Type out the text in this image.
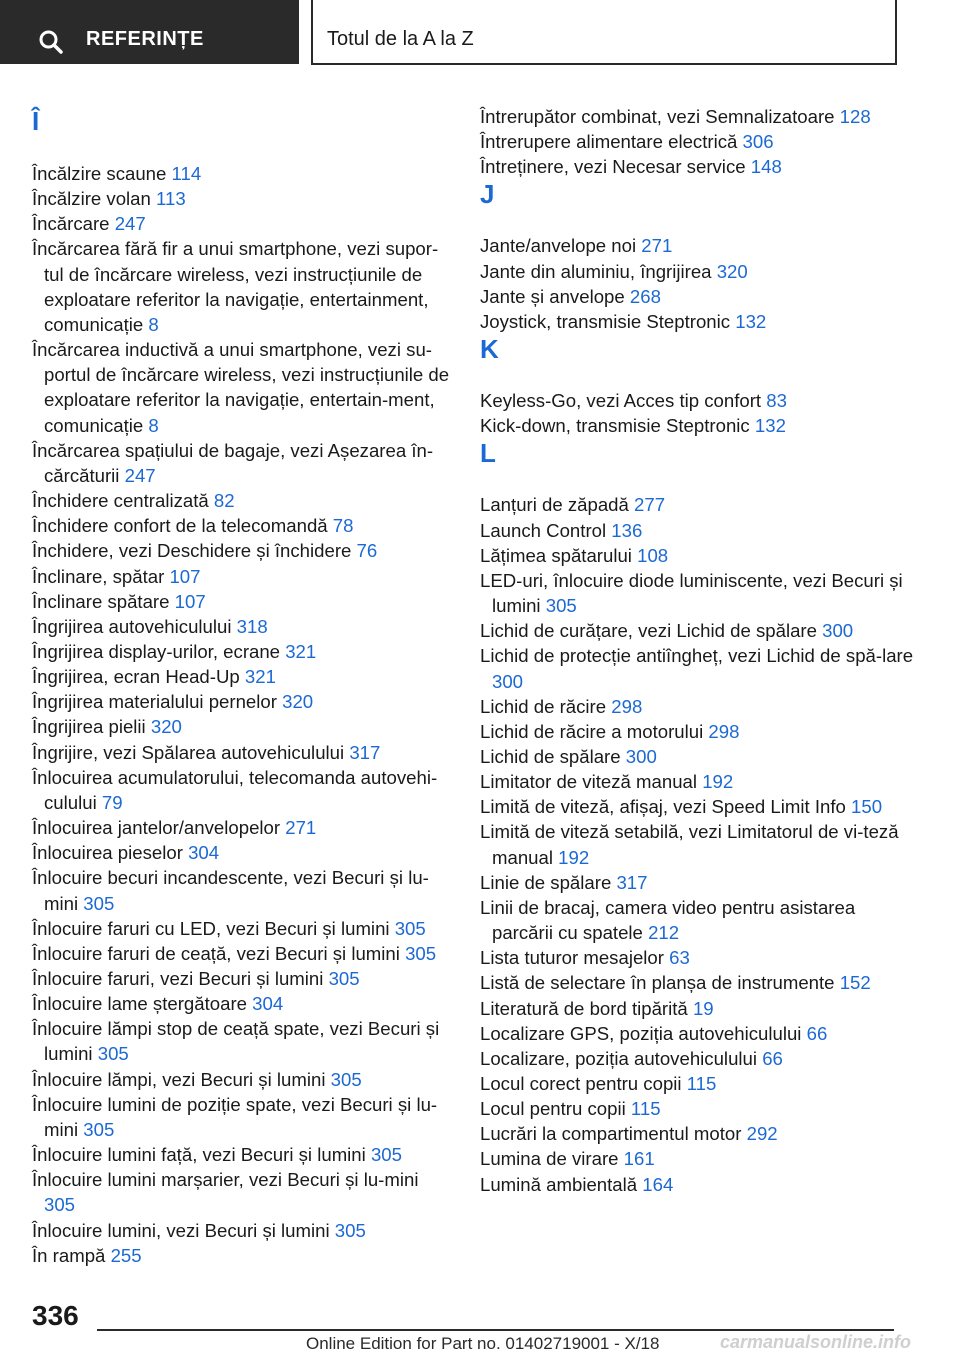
REFERINȚE	Totul de la A la Z
Î
Încălzire scaune 114
Încălzire volan 113
Încărcare 247
Încărcarea fără fir a unui smartphone, vezi supor-tul de încărcare wireless, vezi instrucțiunile de exploatare referitor la navigație, entertainment, comunicație 8
Încărcarea inductivă a unui smartphone, vezi su-portul de încărcare wireless, vezi instrucțiunile de exploatare referitor la navigație, entertain-ment, comunicație 8
Încărcarea spațiului de bagaje, vezi Așezarea în-cărcăturii 247
Închidere centralizată 82
Închidere confort de la telecomandă 78
Închidere, vezi Deschidere și închidere 76
Înclinare, spătar 107
Înclinare spătare 107
Îngrijirea autovehiculului 318
Îngrijirea display-urilor, ecrane 321
Îngrijirea, ecran Head-Up 321
Îngrijirea materialului pernelor 320
Îngrijirea pielii 320
Îngrijire, vezi Spălarea autovehiculului 317
Înlocuirea acumulatorului, telecomanda autovehi-culului 79
Înlocuirea jantelor/anvelopelor 271
Înlocuirea pieselor 304
Înlocuire becuri incandescente, vezi Becuri și lu-mini 305
Înlocuire faruri cu LED, vezi Becuri și lumini 305
Înlocuire faruri de ceață, vezi Becuri și lumini 305
Înlocuire faruri, vezi Becuri și lumini 305
Înlocuire lame ștergătoare 304
Înlocuire lămpi stop de ceață spate, vezi Becuri și lumini 305
Înlocuire lămpi, vezi Becuri și lumini 305
Înlocuire lumini de poziție spate, vezi Becuri și lu-mini 305
Înlocuire lumini față, vezi Becuri și lumini 305
Înlocuire lumini marșarier, vezi Becuri și lu-mini 305
Înlocuire lumini, vezi Becuri și lumini 305
În rampă 255
Întrerupător combinat, vezi Semnalizatoare 128
Întrerupere alimentare electrică 306
Întreținere, vezi Necesar service 148
J
Jante/anvelope noi 271
Jante din aluminiu, îngrijirea 320
Jante și anvelope 268
Joystick, transmisie Steptronic 132
K
Keyless-Go, vezi Acces tip confort 83
Kick-down, transmisie Steptronic 132
L
Lanțuri de zăpadă 277
Launch Control 136
Lățimea spătarului 108
LED-uri, înlocuire diode luminiscente, vezi Becuri și lumini 305
Lichid de curățare, vezi Lichid de spălare 300
Lichid de protecție antiîngheț, vezi Lichid de spă-lare 300
Lichid de răcire 298
Lichid de răcire a motorului 298
Lichid de spălare 300
Limitator de viteză manual 192
Limită de viteză, afișaj, vezi Speed Limit Info 150
Limită de viteză setabilă, vezi Limitatorul de vi-teză manual 192
Linie de spălare 317
Linii de bracaj, camera video pentru asistarea parcării cu spatele 212
Lista tuturor mesajelor 63
Listă de selectare în planșa de instrumente 152
Literatură de bord tipărită 19
Localizare GPS, poziția autovehiculului 66
Localizare, poziția autovehiculului 66
Locul corect pentru copii 115
Locul pentru copii 115
Lucrări la compartimentul motor 292
Lumina de virare 161
Lumină ambientală 164
336
Online Edition for Part no. 01402719001 - X/18	carmanualsonline.info
